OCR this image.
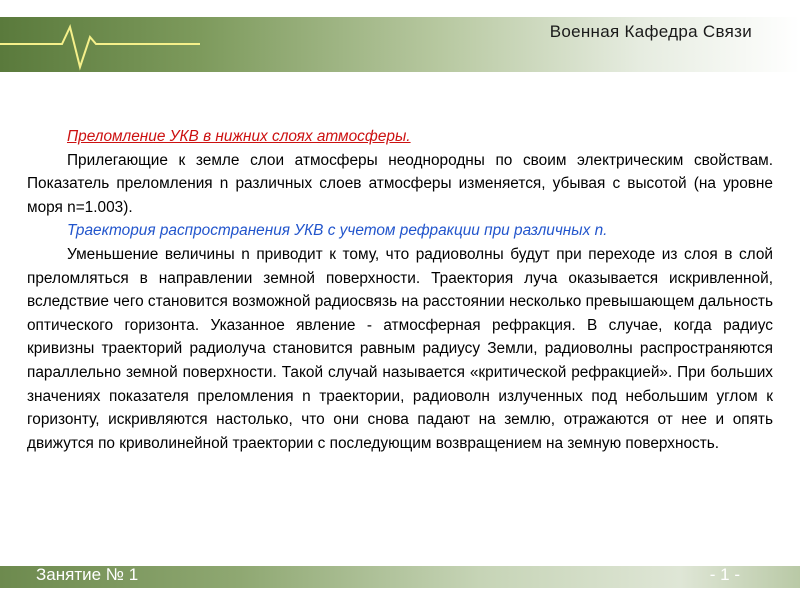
Военная Кафедра Связи
Преломление УКВ в нижних слоях атмосферы.

Прилегающие к земле слои атмосферы неоднородны по своим электрическим свойствам. Показатель преломления n различных слоев атмосферы изменяется, убывая с высотой (на уровне моря n=1.003).

Траектория распространения УКВ с учетом рефракции при различных n.

Уменьшение величины n приводит к тому, что радиоволны будут при переходе из слоя в слой преломляться в направлении земной поверхности. Траектория луча оказывается искривленной, вследствие чего становится возможной радиосвязь на расстоянии несколько превышающем дальность оптического горизонта. Указанное явление - атмосферная рефракция. В случае, когда радиус кривизны траекторий радиолуча становится равным радиусу Земли, радиоволны распространяются параллельно земной поверхности. Такой случай называется «критической рефракцией». При больших значениях показателя преломления n траектории, радиоволн излученных под небольшим углом к горизонту, искривляются настолько, что они снова падают на землю, отражаются от нее и опять движутся по криволинейной траектории с последующим возвращением на земную поверхность.

Занятие № 1	- 1 -
